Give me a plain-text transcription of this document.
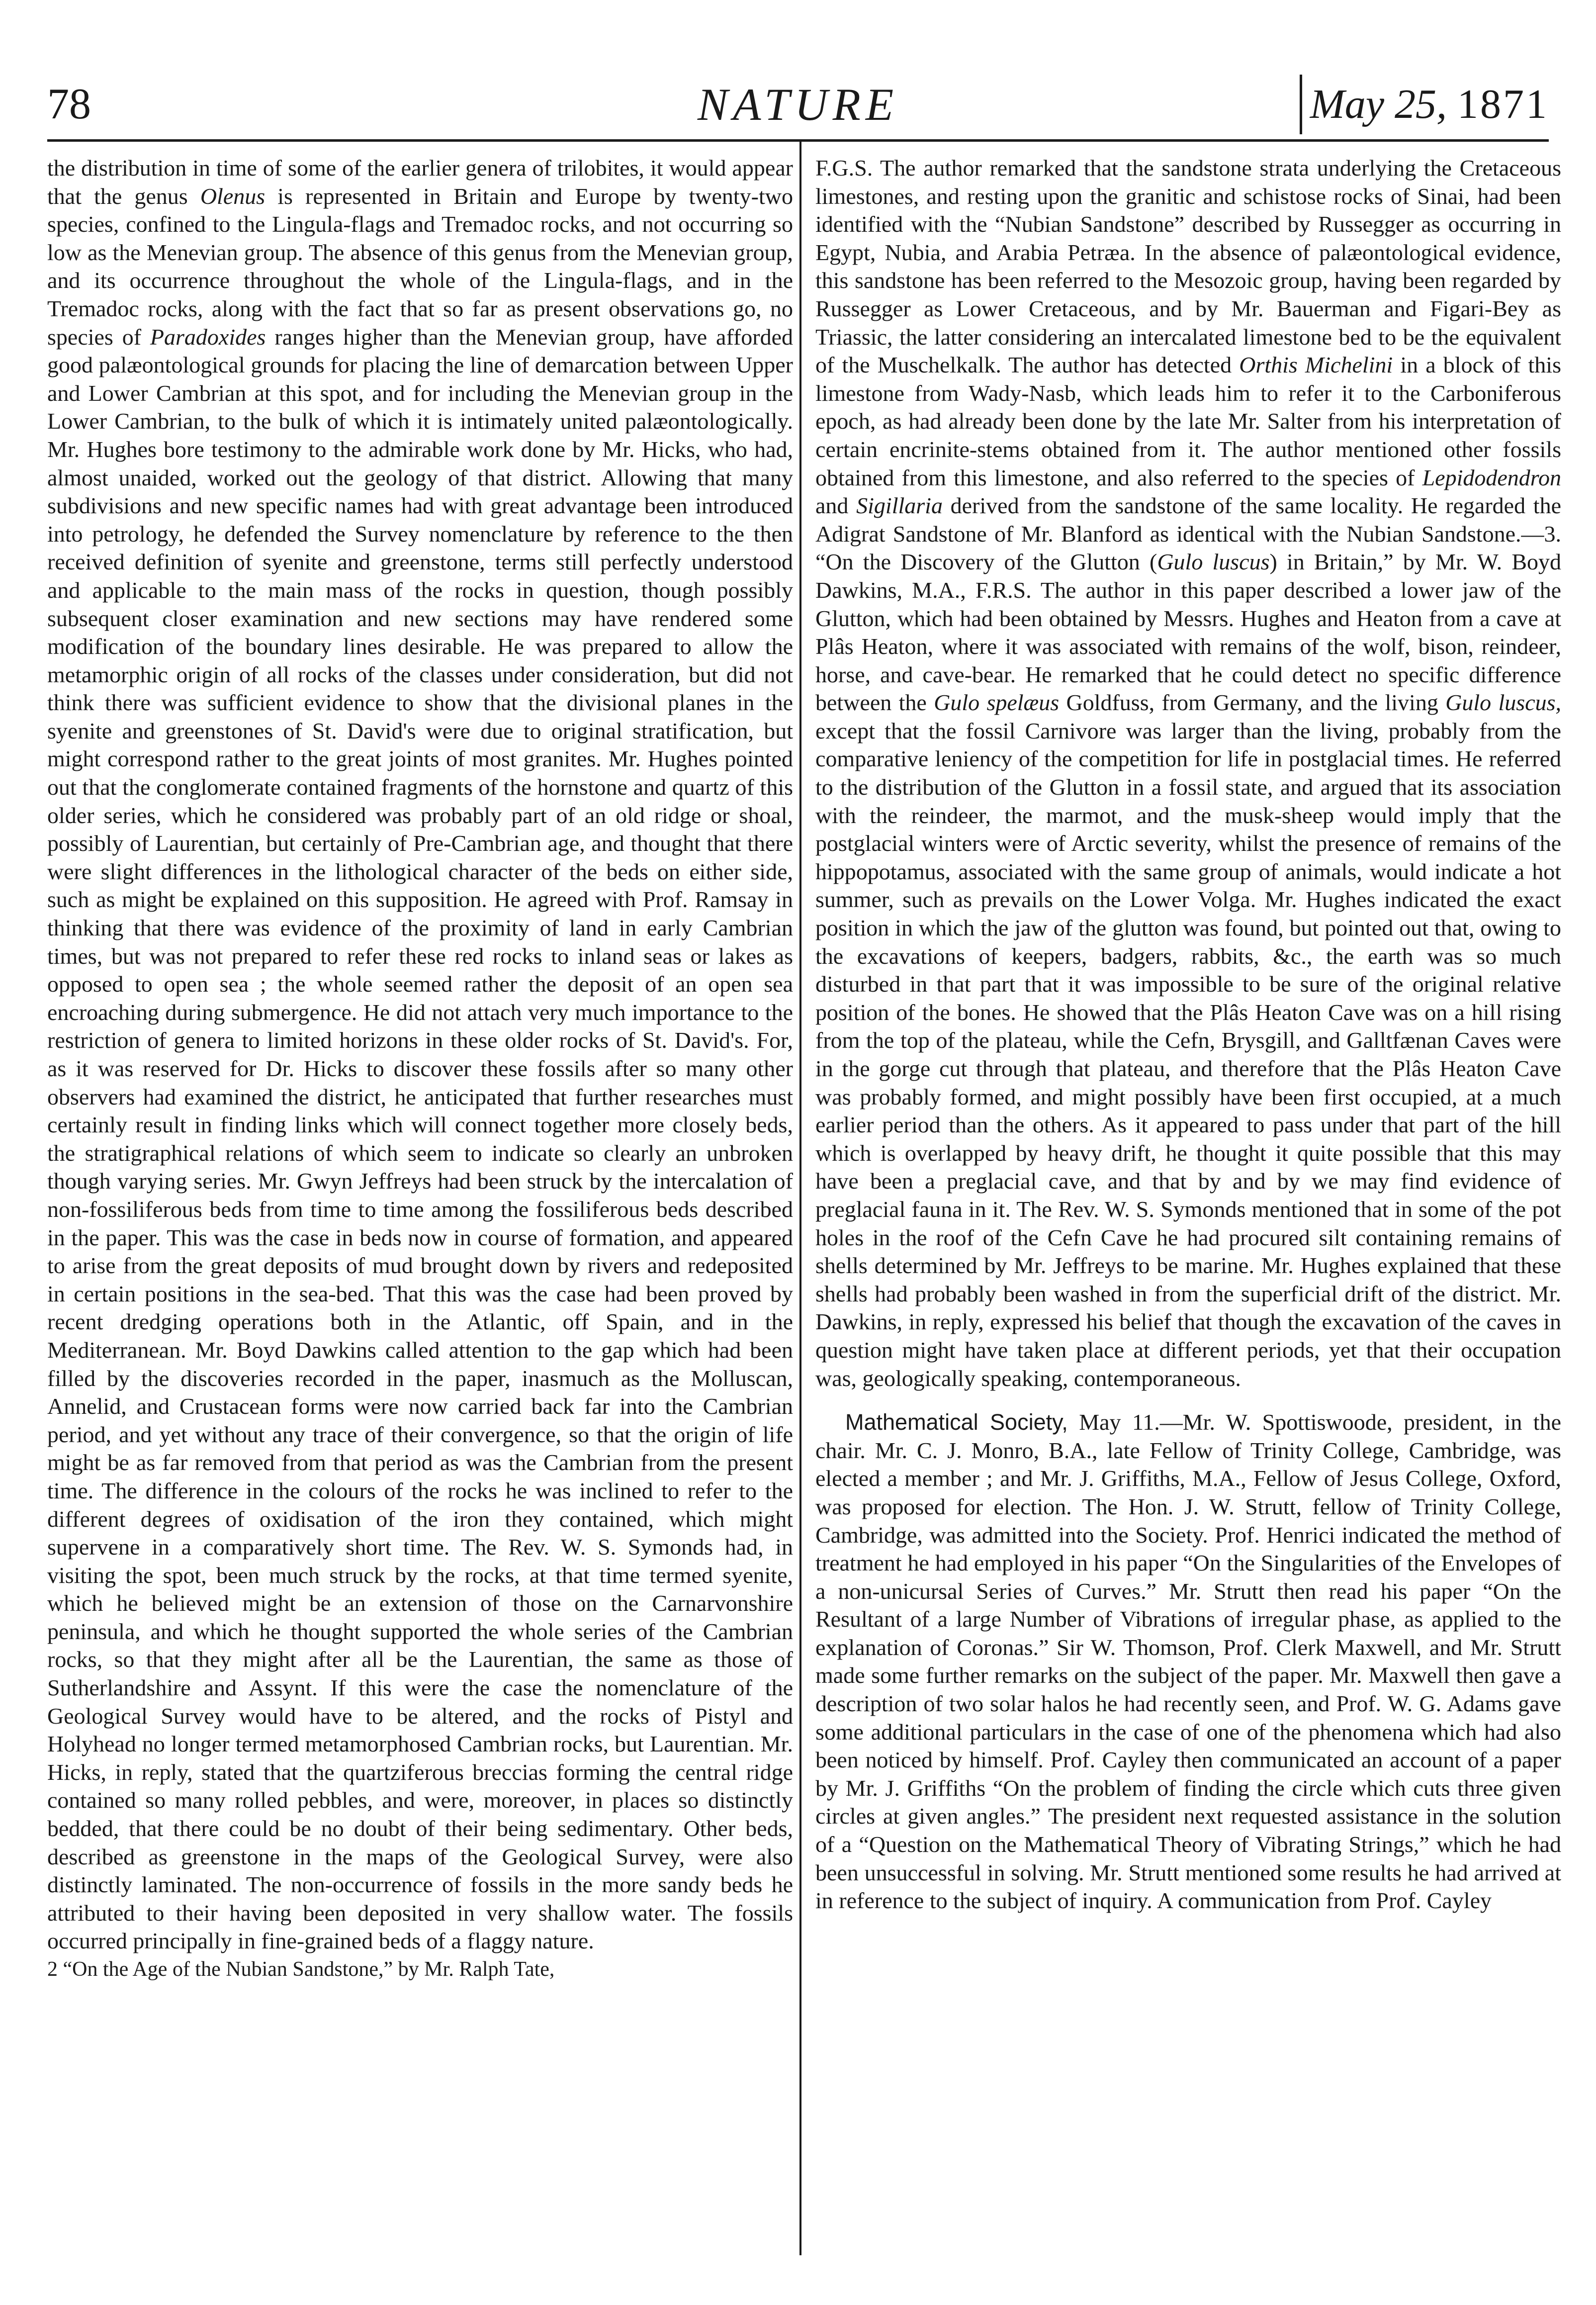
78	NATURE	May 25, 1871

the distribution in time of some of the earlier genera of trilobites, it would appear that the genus Olenus is represented in Britain and Europe by twenty-two species, confined to the Lingula-flags and Tremadoc rocks, and not occurring so low as the Menevian group. The absence of this genus from the Menevian group, and its occurrence throughout the whole of the Lingula-flags, and in the Tremadoc rocks, along with the fact that so far as present observations go, no species of Paradoxides ranges higher than the Menevian group, have afforded good palæontological grounds for placing the line of demarcation between Upper and Lower Cambrian at this spot, and for including the Menevian group in the Lower Cambrian, to the bulk of which it is intimately united palæontologically. Mr. Hughes bore testimony to the admirable work done by Mr. Hicks, who had, almost unaided, worked out the geology of that district. Allowing that many subdivisions and new specific names had with great advantage been introduced into petrology, he defended the Survey nomenclature by reference to the then received definition of syenite and greenstone, terms still perfectly understood and applicable to the main mass of the rocks in question, though possibly subsequent closer examination and new sections may have rendered some modification of the boundary lines desirable. He was prepared to allow the metamorphic origin of all rocks of the classes under consideration, but did not think there was sufficient evidence to show that the divisional planes in the syenite and greenstones of St. David's were due to original stratification, but might correspond rather to the great joints of most granites. Mr. Hughes pointed out that the conglomerate contained fragments of the hornstone and quartz of this older series, which he considered was probably part of an old ridge or shoal, possibly of Laurentian, but certainly of Pre-Cambrian age, and thought that there were slight differences in the lithological character of the beds on either side, such as might be explained on this supposition. He agreed with Prof. Ramsay in thinking that there was evidence of the proximity of land in early Cambrian times, but was not prepared to refer these red rocks to inland seas or lakes as opposed to open sea ; the whole seemed rather the deposit of an open sea encroaching during submergence. He did not attach very much importance to the restriction of genera to limited horizons in these older rocks of St. David's. For, as it was reserved for Dr. Hicks to discover these fossils after so many other observers had examined the district, he anticipated that further researches must certainly result in finding links which will connect together more closely beds, the stratigraphical relations of which seem to indicate so clearly an unbroken though varying series. Mr. Gwyn Jeffreys had been struck by the intercalation of non-fossiliferous beds from time to time among the fossiliferous beds described in the paper. This was the case in beds now in course of formation, and appeared to arise from the great deposits of mud brought down by rivers and redeposited in certain positions in the sea-bed. That this was the case had been proved by recent dredging operations both in the Atlantic, off Spain, and in the Mediterranean. Mr. Boyd Dawkins called attention to the gap which had been filled by the discoveries recorded in the paper, inasmuch as the Molluscan, Annelid, and Crustacean forms were now carried back far into the Cambrian period, and yet without any trace of their convergence, so that the origin of life might be as far removed from that period as was the Cambrian from the present time. The difference in the colours of the rocks he was inclined to refer to the different degrees of oxidisation of the iron they contained, which might supervene in a comparatively short time. The Rev. W. S. Symonds had, in visiting the spot, been much struck by the rocks, at that time termed syenite, which he believed might be an extension of those on the Carnarvonshire peninsula, and which he thought supported the whole series of the Cambrian rocks, so that they might after all be the Laurentian, the same as those of Sutherlandshire and Assynt. If this were the case the nomenclature of the Geological Survey would have to be altered, and the rocks of Pistyl and Holyhead no longer termed metamorphosed Cambrian rocks, but Laurentian. Mr. Hicks, in reply, stated that the quartziferous breccias forming the central ridge contained so many rolled pebbles, and were, moreover, in places so distinctly bedded, that there could be no doubt of their being sedimentary. Other beds, described as greenstone in the maps of the Geological Survey, were also distinctly laminated. The non-occurrence of fossils in the more sandy beds he attributed to their having been deposited in very shallow water. The fossils occurred principally in fine-grained beds of a flaggy nature.

2 “On the Age of the Nubian Sandstone,” by Mr. Ralph Tate,

F.G.S. The author remarked that the sandstone strata underlying the Cretaceous limestones, and resting upon the granitic and schistose rocks of Sinai, had been identified with the “Nubian Sandstone” described by Russegger as occurring in Egypt, Nubia, and Arabia Petræa. In the absence of palæontological evidence, this sandstone has been referred to the Mesozoic group, having been regarded by Russegger as Lower Cretaceous, and by Mr. Bauerman and Figari-Bey as Triassic, the latter considering an intercalated limestone bed to be the equivalent of the Muschelkalk. The author has detected Orthis Michelini in a block of this limestone from Wady-Nasb, which leads him to refer it to the Carboniferous epoch, as had already been done by the late Mr. Salter from his interpretation of certain encrinite-stems obtained from it. The author mentioned other fossils obtained from this limestone, and also referred to the species of Lepidodendron and Sigillaria derived from the sandstone of the same locality. He regarded the Adigrat Sandstone of Mr. Blanford as identical with the Nubian Sandstone.—3. “On the Discovery of the Glutton (Gulo luscus) in Britain,” by Mr. W. Boyd Dawkins, M.A., F.R.S. The author in this paper described a lower jaw of the Glutton, which had been obtained by Messrs. Hughes and Heaton from a cave at Plâs Heaton, where it was associated with remains of the wolf, bison, reindeer, horse, and cave-bear. He remarked that he could detect no specific difference between the Gulo spelæus Goldfuss, from Germany, and the living Gulo luscus, except that the fossil Carnivore was larger than the living, probably from the comparative leniency of the competition for life in postglacial times. He referred to the distribution of the Glutton in a fossil state, and argued that its association with the reindeer, the marmot, and the musk-sheep would imply that the postglacial winters were of Arctic severity, whilst the presence of remains of the hippopotamus, associated with the same group of animals, would indicate a hot summer, such as prevails on the Lower Volga. Mr. Hughes indicated the exact position in which the jaw of the glutton was found, but pointed out that, owing to the excavations of keepers, badgers, rabbits, &c., the earth was so much disturbed in that part that it was impossible to be sure of the original relative position of the bones. He showed that the Plâs Heaton Cave was on a hill rising from the top of the plateau, while the Cefn, Brysgill, and Galltfænan Caves were in the gorge cut through that plateau, and therefore that the Plâs Heaton Cave was probably formed, and might possibly have been first occupied, at a much earlier period than the others. As it appeared to pass under that part of the hill which is overlapped by heavy drift, he thought it quite possible that this may have been a preglacial cave, and that by and by we may find evidence of preglacial fauna in it. The Rev. W. S. Symonds mentioned that in some of the pot holes in the roof of the Cefn Cave he had procured silt containing remains of shells determined by Mr. Jeffreys to be marine. Mr. Hughes explained that these shells had probably been washed in from the superficial drift of the district. Mr. Dawkins, in reply, expressed his belief that though the excavation of the caves in question might have taken place at different periods, yet that their occupation was, geologically speaking, contemporaneous.

Mathematical Society, May 11.—Mr. W. Spottiswoode, president, in the chair. Mr. C. J. Monro, B.A., late Fellow of Trinity College, Cambridge, was elected a member ; and Mr. J. Griffiths, M.A., Fellow of Jesus College, Oxford, was proposed for election. The Hon. J. W. Strutt, fellow of Trinity College, Cambridge, was admitted into the Society. Prof. Henrici indicated the method of treatment he had employed in his paper “On the Singularities of the Envelopes of a non-unicursal Series of Curves.” Mr. Strutt then read his paper “On the Resultant of a large Number of Vibrations of irregular phase, as applied to the explanation of Coronas.” Sir W. Thomson, Prof. Clerk Maxwell, and Mr. Strutt made some further remarks on the subject of the paper. Mr. Maxwell then gave a description of two solar halos he had recently seen, and Prof. W. G. Adams gave some additional particulars in the case of one of the phenomena which had also been noticed by himself. Prof. Cayley then communicated an account of a paper by Mr. J. Griffiths “On the problem of finding the circle which cuts three given circles at given angles.” The president next requested assistance in the solution of a “Question on the Mathematical Theory of Vibrating Strings,” which he had been unsuccessful in solving. Mr. Strutt mentioned some results he had arrived at in reference to the subject of inquiry. A communication from Prof. Cayley
